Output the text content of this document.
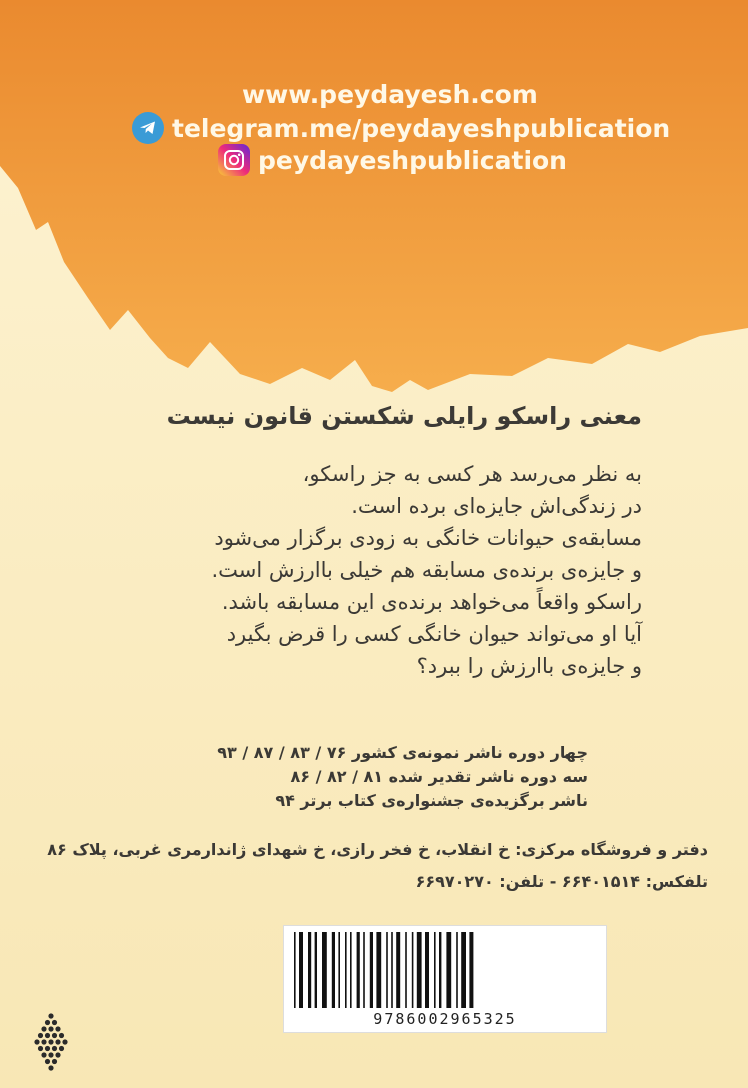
www.peydayesh.com
telegram.me/peydayeshpublication
peydayeshpublication
معنی راسکو رایلی شکستن قانون نیست
به نظر می‌رسد هر کسی به جز راسکو،
در زندگی‌اش جایزه‌ای برده است.
مسابقه‌ی حیوانات خانگی به زودی برگزار می‌شود
و جایزه‌ی برنده‌ی مسابقه هم خیلی باارزش است.
راسکو واقعاً می‌خواهد برنده‌ی این مسابقه باشد.
آیا او می‌تواند حیوان خانگی کسی را قرض بگیرد
و جایزه‌ی باارزش را ببرد؟
چهار دوره ناشر نمونه‌ی کشور ۷۶ / ۸۳ / ۸۷ / ۹۳
سه دوره ناشر تقدیر شده ۸۱ / ۸۲ / ۸۶
ناشر برگزیده‌ی جشنواره‌ی کتاب برتر ۹۴
دفتر و فروشگاه مرکزی: خ انقلاب، خ فخر رازی، خ شهدای ژاندارمری غربی، پلاک ۸۶
تلفکس: ۶۶۴۰۱۵۱۴ - تلفن: ۶۶۹۷۰۲۷۰
9786002965325
